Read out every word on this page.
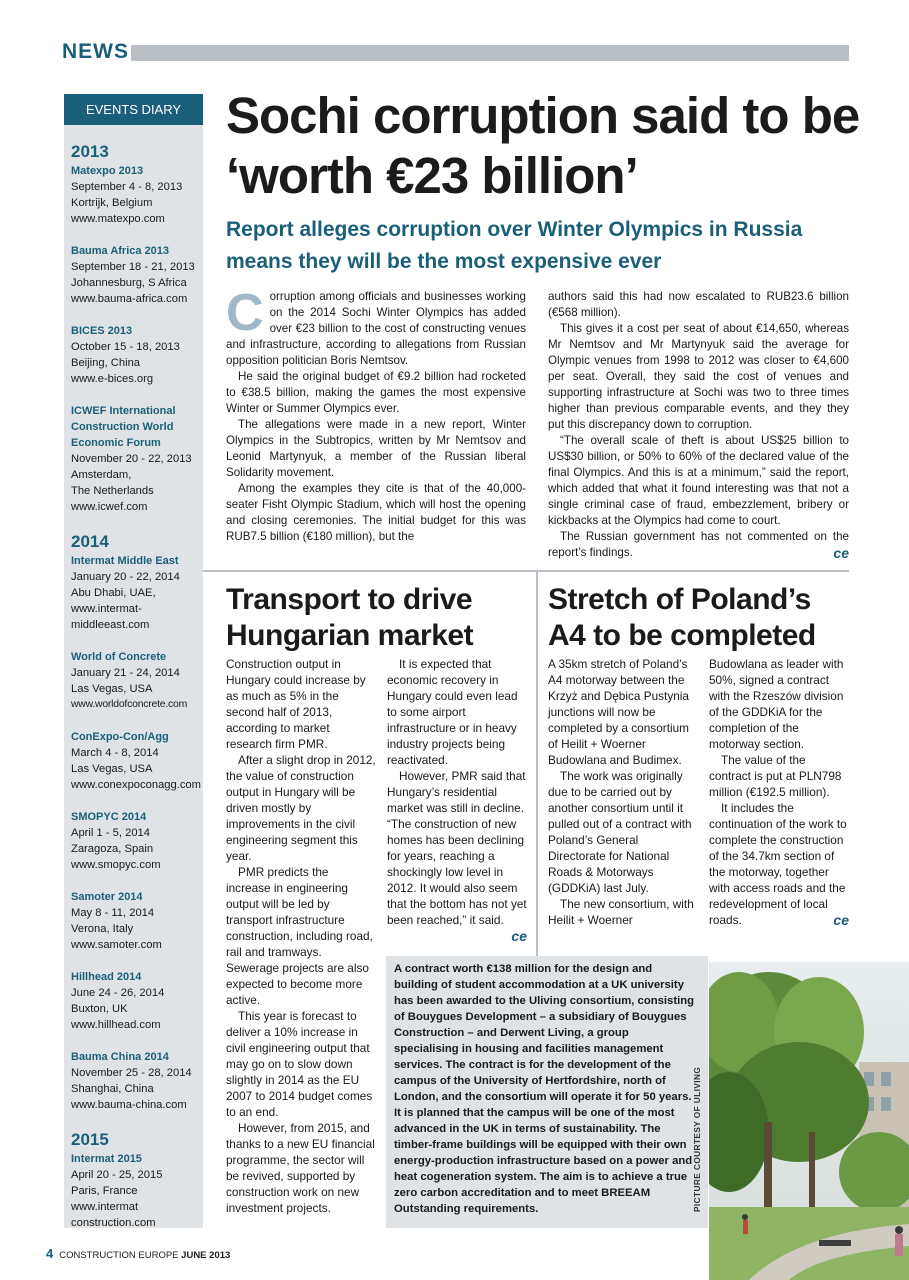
NEWS
EVENTS DIARY
2013
Matexpo 2013
September 4 - 8, 2013
Kortrijk, Belgium
www.matexpo.com
Bauma Africa 2013
September 18 - 21, 2013
Johannesburg, S Africa
www.bauma-africa.com
BICES 2013
October 15 - 18, 2013
Beijing, China
www.e-bices.org
ICWEF International
Construction World
Economic Forum
November 20 - 22, 2013
Amsterdam,
The Netherlands
www.icwef.com
2014
Intermat Middle East
January 20 - 22, 2014
Abu Dhabi, UAE,
www.intermat-
middleeast.com
World of Concrete
January 21 - 24, 2014
Las Vegas, USA
www.worldofconcrete.com
ConExpo-Con/Agg
March 4 - 8, 2014
Las Vegas, USA
www.conexpoconagg.com
SMOPYC 2014
April 1 - 5, 2014
Zaragoza, Spain
www.smopyc.com
Samoter 2014
May 8 - 11, 2014
Verona, Italy
www.samoter.com
Hillhead 2014
June 24 - 26, 2014
Buxton, UK
www.hillhead.com
Bauma China 2014
November 25 - 28, 2014
Shanghai, China
www.bauma-china.com
2015
Intermat 2015
April 20 - 25, 2015
Paris, France
www.intermat
construction.com
Sochi corruption said to be ‘worth €23 billion’
Report alleges corruption over Winter Olympics in Russia means they will be the most expensive ever
C orruption among officials and businesses working on the 2014 Sochi Winter Olympics has added over €23 billion to the cost of constructing venues and infrastructure, according to allegations from Russian opposition politician Boris Nemtsov.

He said the original budget of €9.2 billion had rocketed to €38.5 billion, making the games the most expensive Winter or Summer Olympics ever.

The allegations were made in a new report, Winter Olympics in the Subtropics, written by Mr Nemtsov and Leonid Martynyuk, a member of the Russian liberal Solidarity movement.

Among the examples they cite is that of the 40,000-seater Fisht Olympic Stadium, which will host the opening and closing ceremonies. The initial budget for this was RUB7.5 billion (€180 million), but the

authors said this had now escalated to RUB23.6 billion (€568 million).

This gives it a cost per seat of about €14,650, whereas Mr Nemtsov and Mr Martynyuk said the average for Olympic venues from 1998 to 2012 was closer to €4,600 per seat. Overall, they said the cost of venues and supporting infrastructure at Sochi was two to three times higher than previous comparable events, and they they put this discrepancy down to corruption.

“The overall scale of theft is about US$25 billion to US$30 billion, or 50% to 60% of the declared value of the final Olympics. And this is at a minimum,” said the report, which added that what it found interesting was that not a single criminal case of fraud, embezzlement, bribery or kickbacks at the Olympics had come to court.

The Russian government has not commented on the report’s findings.	ce

Transport to drive Hungarian market

Construction output in Hungary could increase by as much as 5% in the second half of 2013, according to market research firm PMR.

After a slight drop in 2012, the value of construction output in Hungary will be driven mostly by improvements in the civil engineering segment this year.

PMR predicts the increase in engineering output will be led by transport infrastructure construction, including road, rail and tramways. Sewerage projects are also expected to become more active.

This year is forecast to deliver a 10% increase in civil engineering output that may go on to slow down slightly in 2014 as the EU 2007 to 2014 budget comes to an end.

However, from 2015, and thanks to a new EU financial programme, the sector will be revived, supported by construction work on new investment projects.

It is expected that economic recovery in Hungary could even lead to some airport infrastructure or in heavy industry projects being reactivated.

However, PMR said that Hungary’s residential market was still in decline. “The construction of new homes has been declining for years, reaching a shockingly low level in 2012. It would also seem that the bottom has not yet been reached,” it said.
ce

Stretch of Poland’s A4 to be completed

A 35km stretch of Poland’s A4 motorway between the Krzyż and Dębica Pustynia junctions will now be completed by a consortium of Heilit + Woerner Budowlana and Budimex.

The work was originally due to be carried out by another consortium until it pulled out of a contract with Poland’s General Directorate for National Roads & Motorways (GDDKiA) last July.

The new consortium, with Heilit + Woerner

Budowlana as leader with 50%, signed a contract with the Rzeszów division of the GDDKiA for the completion of the motorway section.

The value of the contract is put at PLN798 million (€192.5 million).

It includes the continuation of the work to complete the construction of the 34.7km section of the motorway, together with access roads and the redevelopment of local roads.	ce

A contract worth €138 million for the design and building of student accommodation at a UK university has been awarded to the Uliving consortium, consisting of Bouygues Development – a subsidiary of Bouygues Construction – and Derwent Living, a group specialising in housing and facilities management services. The contract is for the development of the campus of the University of Hertfordshire, north of London, and the consortium will operate it for 50 years. It is planned that the campus will be one of the most advanced in the UK in terms of sustainability. The timber-frame buildings will be equipped with their own energy-production infrastructure based on a power and heat cogeneration system. The aim is to achieve a true zero carbon accreditation and to meet BREEAM Outstanding requirements.	PICTURE COURTESY OF ULIVING
4 CONSTRUCTION EUROPE JUNE 2013
